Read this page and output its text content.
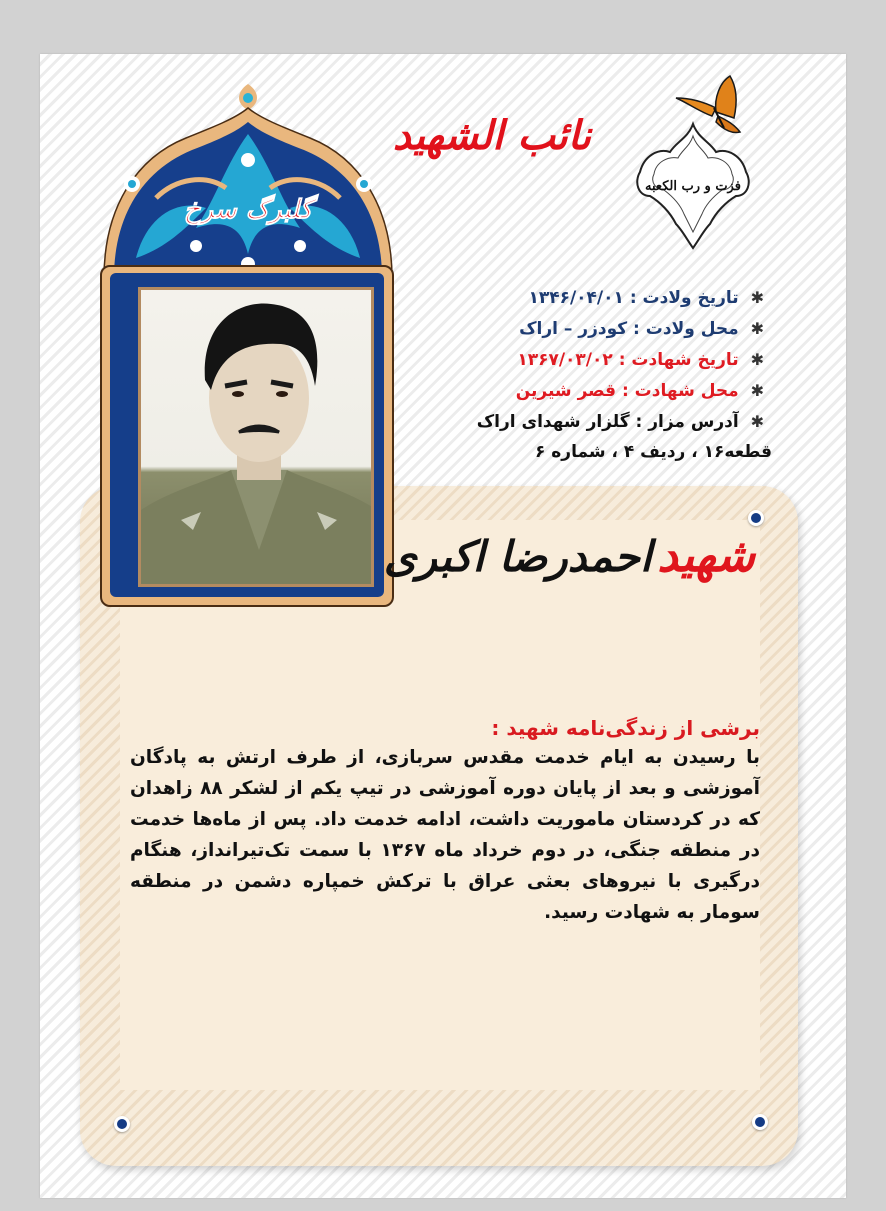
گلبرگ سرخ
نائب الشهید
فزت و رب الکعبه
✱ تاریخ ولادت : ۱۳۴۶/۰۴/۰۱
✱ محل ولادت : کودزر – اراک
✱ تاریخ شهادت : ۱۳۶۷/۰۳/۰۲
✱ محل شهادت : قصر شیرین
✱ آدرس مزار : گلزار شهدای اراک
قطعه۱۶ ، ردیف ۴ ، شماره ۶
شهید احمدرضا اکبری
برشی از زندگی‌نامه شهید :
با رسیدن به ایام خدمت مقدس سربازی، از طرف ارتش به پادگان آموزشی و بعد از پایان دوره آموزشی در تیپ یکم از لشکر ۸۸ زاهدان که در کردستان ماموریت داشت، ادامه خدمت داد. پس از ماه‌ها خدمت در منطقه جنگی، در دوم خرداد ماه ۱۳۶۷ با سمت تک‌تیرانداز، هنگام درگیری با نیروهای بعثی عراق با ترکش خمپاره دشمن در منطقه سومار به شهادت رسید.
